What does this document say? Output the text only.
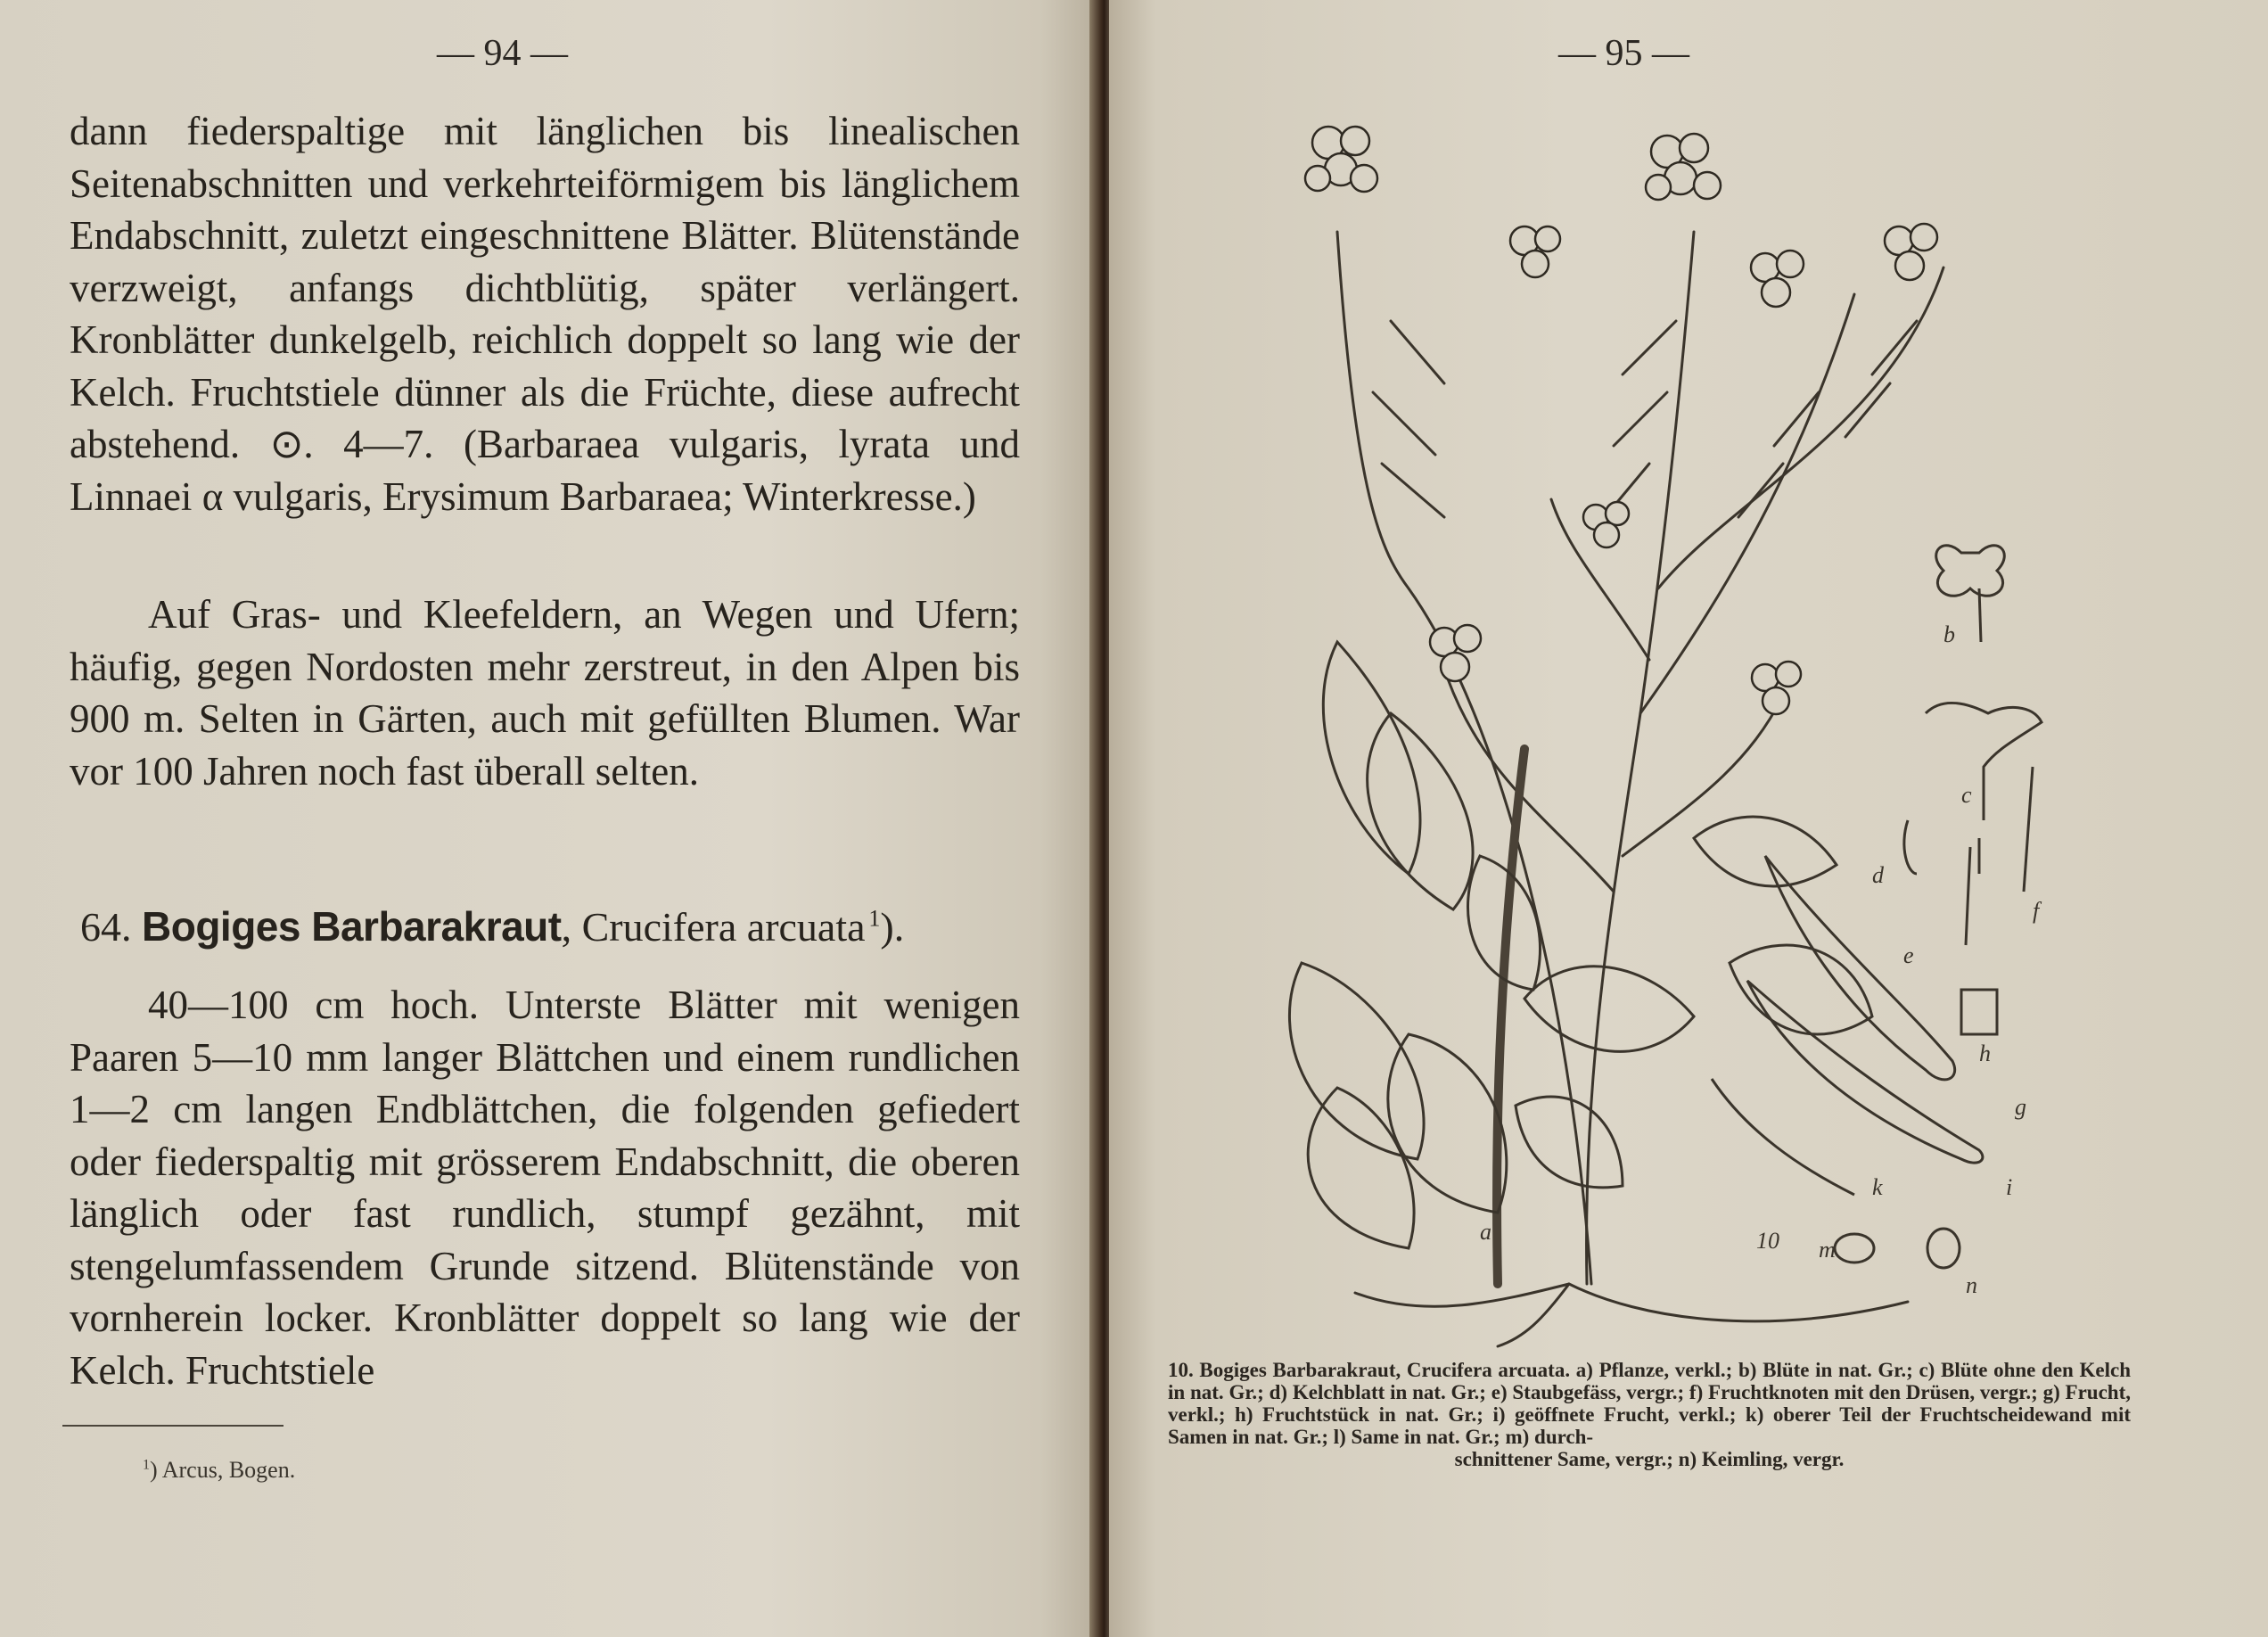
— 94 —

dann fiederspaltige mit länglichen bis linealischen Seitenabschnitten und verkehrteiförmigem bis länglichem Endabschnitt, zuletzt eingeschnittene Blätter. Blütenstände verzweigt, anfangs dichtblütig, später verlängert. Kronblätter dunkelgelb, reichlich doppelt so lang wie der Kelch. Fruchtstiele dünner als die Früchte, diese aufrecht abstehend. ⊙. 4—7. (Barbaraea vulgaris, lyrata und Linnaei α vulgaris, Erysimum Barbaraea; Winterkresse.)

Auf Gras- und Kleefeldern, an Wegen und Ufern; häufig, gegen Nordosten mehr zerstreut, in den Alpen bis 900 m. Selten in Gärten, auch mit gefüllten Blumen. War vor 100 Jahren noch fast überall selten.

64. Bogiges Barbarakraut, Crucifera arcuata  $^1$).

40—100 cm hoch. Unterste Blätter mit wenigen Paaren 5—10 mm langer Blättchen und einem rundlichen 1—2 cm langen Endblättchen, die folgenden gefiedert oder fiederspaltig mit grösserem Endabschnitt, die oberen länglich oder fast rundlich, stumpf gezähnt, mit stengelumfassendem Grunde sitzend. Blütenstände von vornherein locker. Kronblätter doppelt so lang wie der Kelch. Fruchtstiele

$^1$) Arcus, Bogen.
— 95 —
a
b
c
d
e
f
g
h
i
k
m
n
10
10. Bogiges Barbarakraut, Crucifera arcuata. a) Pflanze, verkl.; b) Blüte in nat. Gr.; c) Blüte ohne den Kelch in nat. Gr.; d) Kelchblatt in nat. Gr.; e) Staubgefäss, vergr.; f) Fruchtknoten mit den Drüsen, vergr.; g) Frucht, verkl.; h) Fruchtstück in nat. Gr.; i) geöffnete Frucht, verkl.; k) oberer Teil der Fruchtscheidewand mit Samen in nat. Gr.; l) Same in nat. Gr.; m) durch-
schnittener Same, vergr.; n) Keimling, vergr.
